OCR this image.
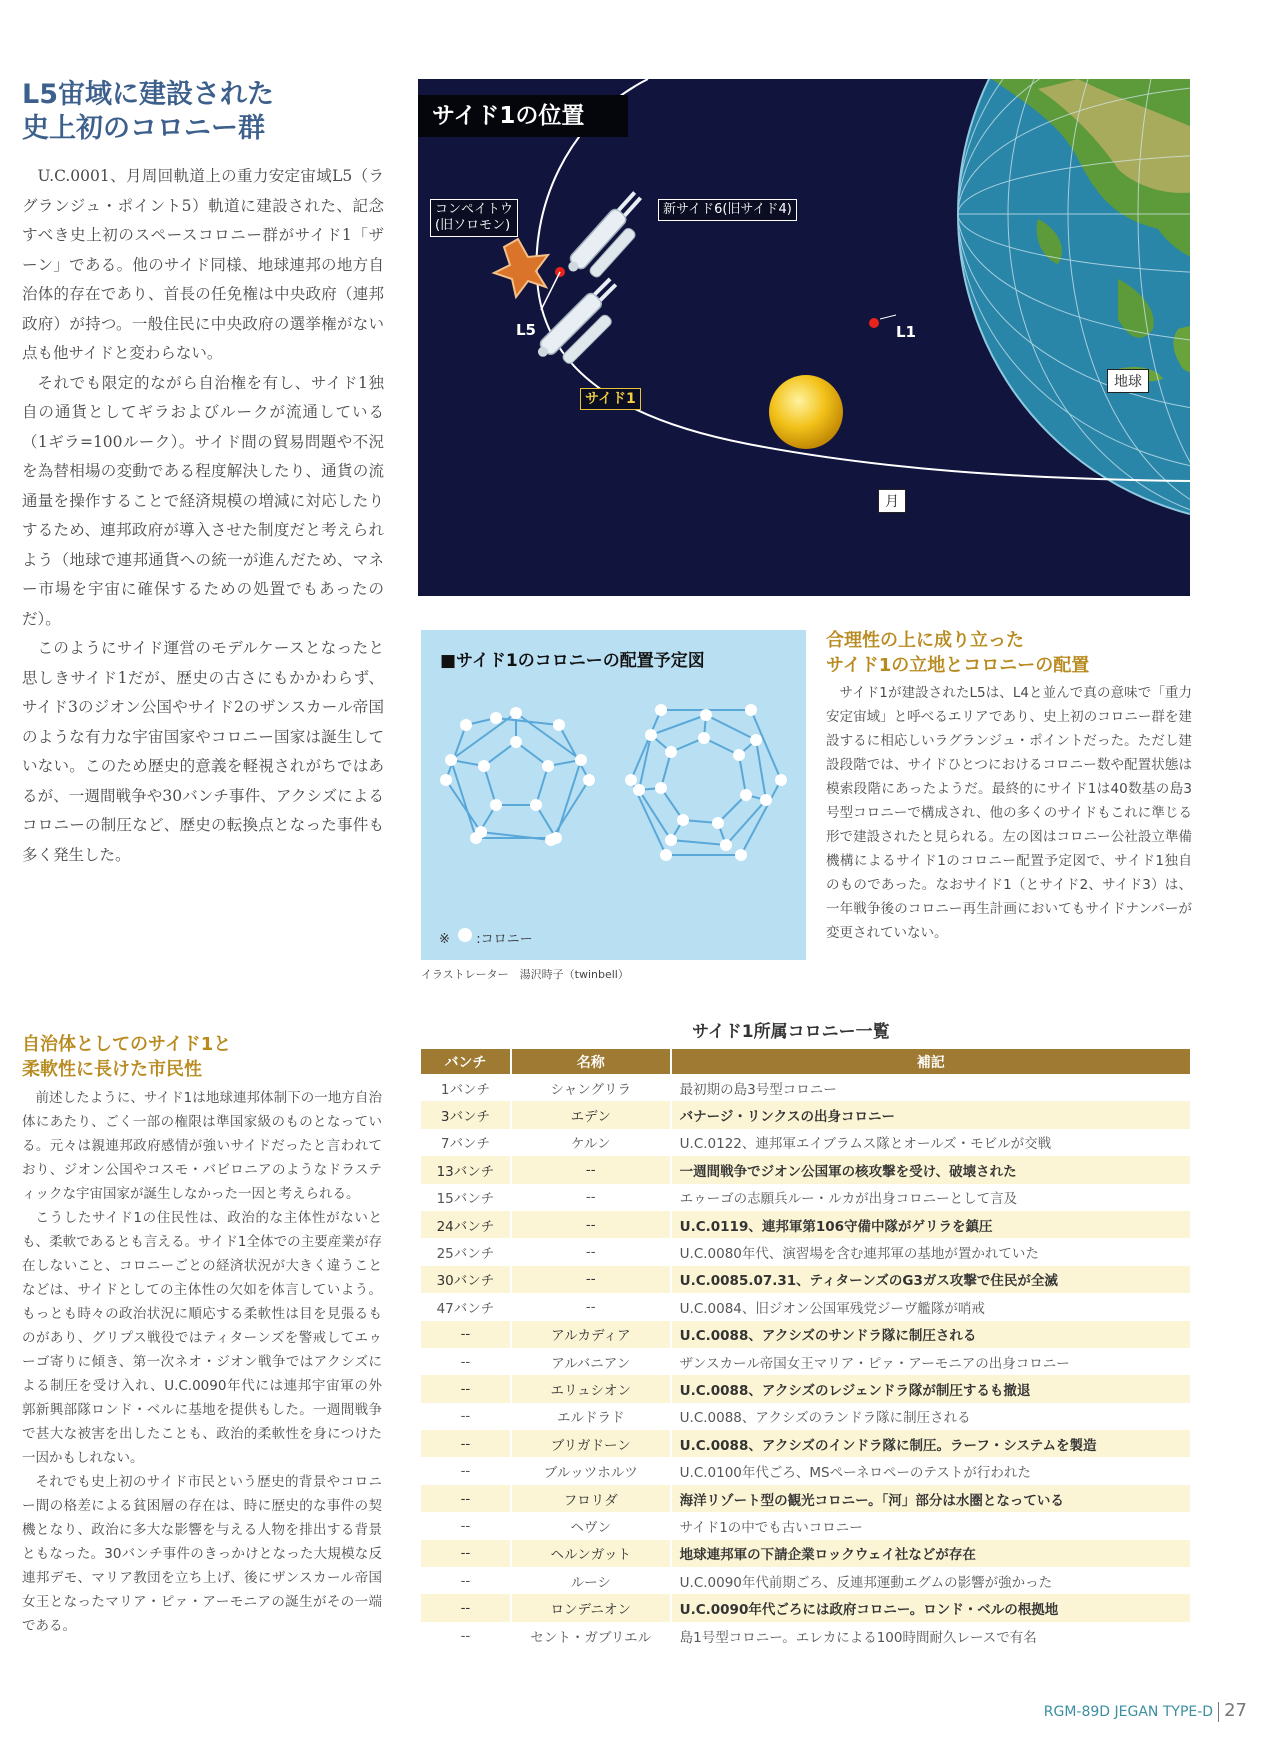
L5宙域に建設された
史上初のコロニー群

U.C.0001、月周回軌道上の重力安定宙域L5（ラグランジュ・ポイント5）軌道に建設された、記念すべき史上初のスペースコロニー群がサイド1「ザーン」である。他のサイド同様、地球連邦の地方自治体的存在であり、首長の任免権は中央政府（連邦政府）が持つ。一般住民に中央政府の選挙権がない点も他サイドと変わらない。

それでも限定的ながら自治権を有し、サイド1独自の通貨としてギラおよびルークが流通している（1ギラ=100ルーク）。サイド間の貿易問題や不況を為替相場の変動である程度解決したり、通貨の流通量を操作することで経済規模の増減に対応したりするため、連邦政府が導入させた制度だと考えられよう（地球で連邦通貨への統一が進んだため、マネー市場を宇宙に確保するための処置でもあったのだ）。

このようにサイド運営のモデルケースとなったと思しきサイド1だが、歴史の古さにもかかわらず、サイド3のジオン公国やサイド2のザンスカール帝国のような有力な宇宙国家やコロニー国家は誕生していない。このため歴史的意義を軽視されがちではあるが、一週間戦争や30バンチ事件、アクシズによるコロニーの制圧など、歴史の転換点となった事件も多く発生した。

自治体としてのサイド1と
柔軟性に長けた市民性

前述したように、サイド1は地球連邦体制下の一地方自治体にあたり、ごく一部の権限は準国家級のものとなっている。元々は親連邦政府感情が強いサイドだったと言われており、ジオン公国やコスモ・バビロニアのようなドラスティックな宇宙国家が誕生しなかった一因と考えられる。

こうしたサイド1の住民性は、政治的な主体性がないとも、柔軟であるとも言える。サイド1全体での主要産業が存在しないこと、コロニーごとの経済状況が大きく違うことなどは、サイドとしての主体性の欠如を体言していよう。もっとも時々の政治状況に順応する柔軟性は目を見張るものがあり、グリプス戦役ではティターンズを警戒してエゥーゴ寄りに傾き、第一次ネオ・ジオン戦争ではアクシズによる制圧を受け入れ、U.C.0090年代には連邦宇宙軍の外郭新興部隊ロンド・ベルに基地を提供もした。一週間戦争で甚大な被害を出したことも、政治的柔軟性を身につけた一因かもしれない。

それでも史上初のサイド市民という歴史的背景やコロニー間の格差による貧困層の存在は、時に歴史的な事件の契機となり、政治に多大な影響を与える人物を排出する背景ともなった。30バンチ事件のきっかけとなった大規模な反連邦デモ、マリア教団を立ち上げ、後にザンスカール帝国女王となったマリア・ピァ・アーモニアの誕生がその一端である。

サイド1の位置
コンペイトウ
(旧ソロモン)
新サイド6(旧サイド4)
L5	L1
サイド1
地球
月
■サイド1のコロニーの配置予定図
※ :コロニー
イラストレーター　湯沢時子（twinbell）
合理性の上に成り立った
サイド1の立地とコロニーの配置

サイド1が建設されたL5は、L4と並んで真の意味で「重力安定宙域」と呼べるエリアであり、史上初のコロニー群を建設するに相応しいラグランジュ・ポイントだった。ただし建設段階では、サイドひとつにおけるコロニー数や配置状態は模索段階にあったようだ。最終的にサイド1は40数基の島3号型コロニーで構成され、他の多くのサイドもこれに準じる形で建設されたと見られる。左の図はコロニー公社設立準備機構によるサイド1のコロニー配置予定図で、サイド1独自のものであった。なおサイド1（とサイド2、サイド3）は、一年戦争後のコロニー再生計画においてもサイドナンバーが変更されていない。

サイド1所属コロニー一覧
バンチ	名称	補記
1バンチ	シャングリラ	最初期の島3号型コロニー
3バンチ	エデン	バナージ・リンクスの出身コロニー
7バンチ	ケルン	U.C.0122、連邦軍エイブラムス隊とオールズ・モビルが交戦
13バンチ	--	一週間戦争でジオン公国軍の核攻撃を受け、破壊された
15バンチ	--	エゥーゴの志願兵ルー・ルカが出身コロニーとして言及
24バンチ	--	U.C.0119、連邦軍第106守備中隊がゲリラを鎮圧
25バンチ	--	U.C.0080年代、演習場を含む連邦軍の基地が置かれていた
30バンチ	--	U.C.0085.07.31、ティターンズのG3ガス攻撃で住民が全滅
47バンチ	--	U.C.0084、旧ジオン公国軍残党ジーヴ艦隊が哨戒
--	アルカディア	U.C.0088、アクシズのサンドラ隊に制圧される
--	アルバニアン	ザンスカール帝国女王マリア・ピァ・アーモニアの出身コロニー
--	エリュシオン	U.C.0088、アクシズのレジェンドラ隊が制圧するも撤退
--	エルドラド	U.C.0088、アクシズのランドラ隊に制圧される
--	ブリガドーン	U.C.0088、アクシズのインドラ隊に制圧。ラーフ・システムを製造
--	ブルッツホルツ	U.C.0100年代ごろ、MSペーネロペーのテストが行われた
--	フロリダ	海洋リゾート型の観光コロニー。「河」部分は水圏となっている
--	ヘヴン	サイド1の中でも古いコロニー
--	ヘルンガット	地球連邦軍の下請企業ロックウェイ社などが存在
--	ルーシ	U.C.0090年代前期ごろ、反連邦運動エグムの影響が強かった
--	ロンデニオン	U.C.0090年代ごろには政府コロニー。ロンド・ベルの根拠地
--	セント・ガブリエル	島1号型コロニー。エレカによる100時間耐久レースで有名
RGM-89D JEGAN TYPE-D 27
